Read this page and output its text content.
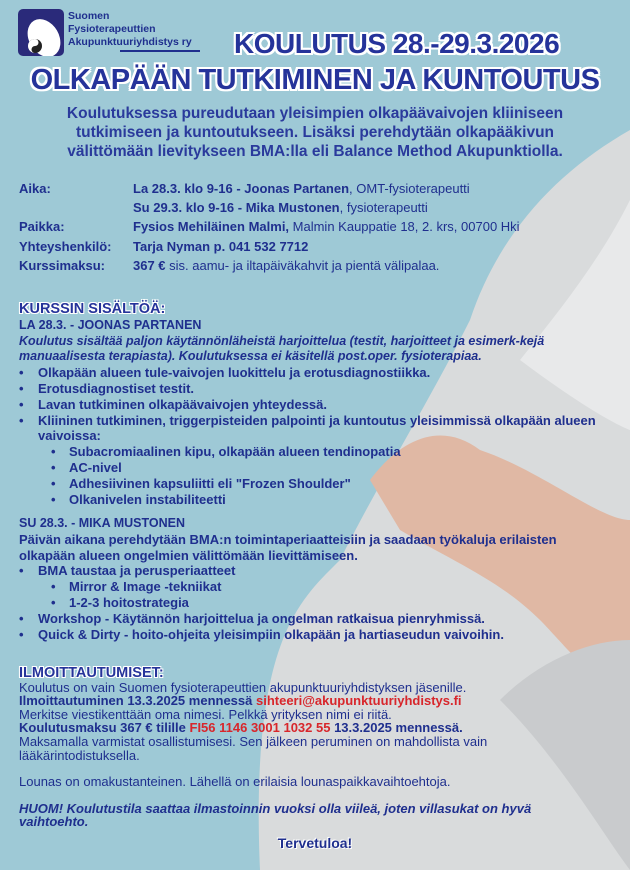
Suomen
Fysioterapeuttien
Akupunktuuriyhdistys ry KOULUTUS 28.-29.3.2026
OLKAPÄÄN TUTKIMINEN JA KUNTOUTUS
Koulutuksessa pureudutaan yleisimpien olkapäävaivojen kliiniseen tutkimiseen ja kuntoutukseen. Lisäksi perehdytään olkapääkivun välittömään lievitykseen BMA:lla eli Balance Method Akupunktiolla.
Aika:	La 28.3. klo 9-16 - Joonas Partanen, OMT-fysioterapeutti
Su 29.3. klo 9-16 - Mika Mustonen, fysioterapeutti
Paikka:	Fysios Mehiläinen Malmi, Malmin Kauppatie 18, 2. krs, 00700 Hki
Yhteyshenkilö:	Tarja Nyman p. 041 532 7712
Kurssimaksu:	367 € sis. aamu- ja iltapäiväkahvit ja pientä välipalaa.
KURSSIN SISÄLTÖÄ:
LA 28.3. - JOONAS PARTANEN
Koulutus sisältää paljon käytännönläheistä harjoittelua (testit, harjoitteet ja esimerk-kejä manuaalisesta terapiasta). Koulutuksessa ei käsitellä post.oper. fysioterapiaa.
• Olkapään alueen tule-vaivojen luokittelu ja erotusdiagnostiikka.
• Erotusdiagnostiset testit.
• Lavan tutkiminen olkapäävaivojen yhteydessä.
• Kliininen tutkiminen, triggerpisteiden palpointi ja kuntoutus yleisimmissä olkapään alueen vaivoissa:
• Subacromiaalinen kipu, olkapään alueen tendinopatia
• AC-nivel
• Adhesiivinen kapsuliitti eli "Frozen Shoulder"
• Olkanivelen instabiliteetti
SU 28.3. - MIKA MUSTONEN
Päivän aikana perehdytään BMA:n toimintaperiaatteisiin ja saadaan työkaluja erilaisten olkapään alueen ongelmien välittömään lievittämiseen.
• BMA taustaa ja perusperiaatteet
• Mirror & Image -tekniikat
• 1-2-3 hoitostrategia
• Workshop - Käytännön harjoittelua ja ongelman ratkaisua pienryhmissä.
• Quick & Dirty - hoito-ohjeita yleisimpiin olkapään ja hartiaseudun vaivoihin.
ILMOITTAUTUMISET:
Koulutus on vain Suomen fysioterapeuttien akupunktuuriyhdistyksen jäsenille.
Ilmoittautuminen 13.3.2025 mennessä sihteeri@akupunktuuriyhdistys.fi
Merkitse viestikenttään oma nimesi. Pelkkä yrityksen nimi ei riitä.
Koulutusmaksu 367 € tilille FI56 1146 3001 1032 55 13.3.2025 mennessä.
Maksamalla varmistat osallistumisesi. Sen jälkeen peruminen on mahdollista vain lääkärintodistuksella.
Lounas on omakustanteinen. Lähellä on erilaisia lounaspaikkavaihtoehtoja.
HUOM! Koulutustila saattaa ilmastoinnin vuoksi olla viileä, joten villasukat on hyvä vaihtoehto.
Tervetuloa!
